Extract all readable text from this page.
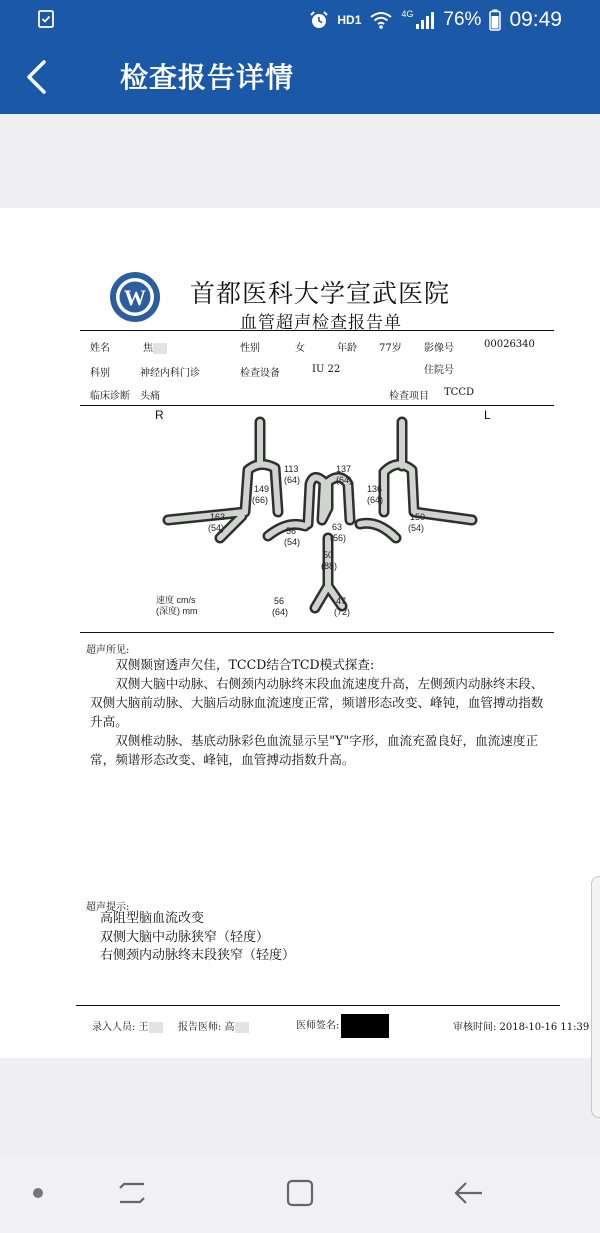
HD1	4G 76% 09:49
检查报告详情
W 首都医科大学宣武医院
血管超声检查报告单
姓名	焦	性别	女	年龄 77岁 影像号	00026340
科别	神经内科门诊	检查设备	IU 22	住院号
临床诊断 头痛	检查项目 TCCD
R	L
113
(64)
137
(64)
149
(66)
136
(64)
163
(54)
150
(54)
56
(54)
63
(56)
50
(88)
56
(64)
47
(72)
速度 cm/s
(深度) mm
超声所见:

双侧颞窗透声欠佳，TCCD结合TCD模式探查:

双侧大脑中动脉、右侧颈内动脉终末段血流速度升高，左侧颈内动脉终末段、双侧大脑前动脉、大脑后动脉血流速度正常，频谱形态改变、峰钝，血管搏动指数升高。

双侧椎动脉、基底动脉彩色血流显示呈"Y"字形，血流充盈良好，血流速度正常，频谱形态改变、峰钝，血管搏动指数升高。

超声提示:
高阻型脑血流改变
双侧大脑中动脉狭窄（轻度）
右侧颈内动脉终末段狭窄（轻度）
录入人员: 王	报告医师: 高	医师签名:	审核时间: 2018-10-16 11:39
